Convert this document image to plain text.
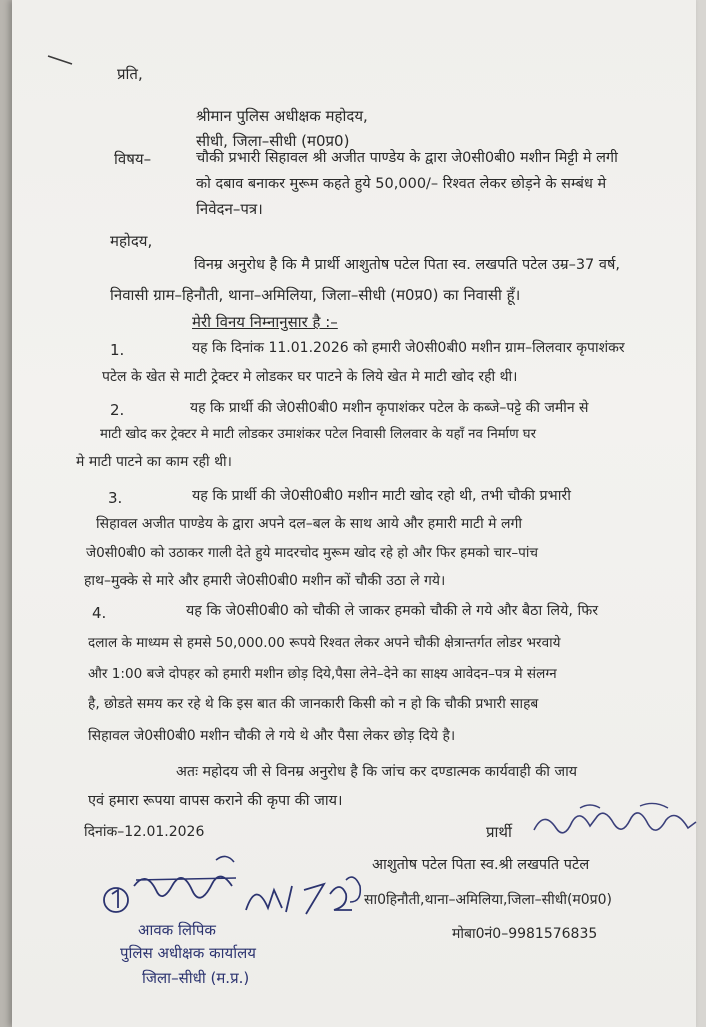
प्रति,
श्रीमान पुलिस अधीक्षक महोदय,
सीधी, जिला–सीधी (म0प्र0)
विषय–	चौकी प्रभारी सिहावल श्री अजीत पाण्डेय के द्वारा जे0सी0बी0 मशीन मिट्टी मे लगी
को दबाव बनाकर मुरूम कहते हुये 50,000/– रिश्वत लेकर छोड़ने के सम्बंध मे
निवेदन–पत्र।
महोदय,
विनम्र अनुरोध है कि मै प्रार्थी आशुतोष पटेल पिता स्व. लखपति पटेल उम्र–37 वर्ष,
निवासी ग्राम–हिनौती, थाना–अमिलिया, जिला–सीधी (म0प्र0) का निवासी हूँ।
मेरी विनय निम्नानुसार है :–
1.	यह कि दिनांक 11.01.2026 को हमारी जे0सी0बी0 मशीन ग्राम–लिलवार कृपाशंकर
पटेल के खेत से माटी ट्रेक्टर मे लोडकर घर पाटने के लिये खेत मे माटी खोद रही थी।
2.	यह कि प्रार्थी की जे0सी0बी0 मशीन कृपाशंकर पटेल के कब्जे–पट्टे की जमीन से
माटी खोद कर ट्रेक्टर मे माटी लोडकर उमाशंकर पटेल निवासी लिलवार के यहाँ नव निर्माण घर
मे माटी पाटने का काम रही थी।
3.	यह कि प्रार्थी की जे0सी0बी0 मशीन माटी खोद रहो थी, तभी चौकी प्रभारी
सिहावल अजीत पाण्डेय के द्वारा अपने दल–बल के साथ आये और हमारी माटी मे लगी
जे0सी0बी0 को उठाकर गाली देते हुये मादरचोद मुरूम खोद रहे हो और फिर हमको चार–पांच
हाथ–मुक्के से मारे और हमारी जे0सी0बी0 मशीन कों चौकी उठा ले गये।
4.	यह कि जे0सी0बी0 को चौकी ले जाकर हमको चौकी ले गये और बैठा लिये, फिर
दलाल के माध्यम से हमसे 50,000.00 रूपये रिश्वत लेकर अपने चौकी क्षेत्रान्तर्गत लोडर भरवाये
और 1:00 बजे दोपहर को हमारी मशीन छोड़ दिये,पैसा लेने–देने का साक्ष्य आवेदन–पत्र मे संलग्न
है, छोडते समय कर रहे थे कि इस बात की जानकारी किसी को न हो कि चौकी प्रभारी साहब
सिहावल जे0सी0बी0 मशीन चौकी ले गये थे और पैसा लेकर छोड़ दिये है।
अतः महोदय जी से विनम्र अनुरोध है कि जांच कर दण्डात्मक कार्यवाही की जाय
एवं हमारा रूपया वापस कराने की कृपा की जाय।
दिनांक–12.01.2026	प्रार्थी
आशुतोष पटेल पिता स्व.श्री लखपति पटेल
सा0हिनौती,थाना–अमिलिया,जिला–सीधी(म0प्र0)
मोबा0नं0–9981576835
आवक लिपिक
पुलिस अधीक्षक कार्यालय
जिला–सीधी (म.प्र.)
